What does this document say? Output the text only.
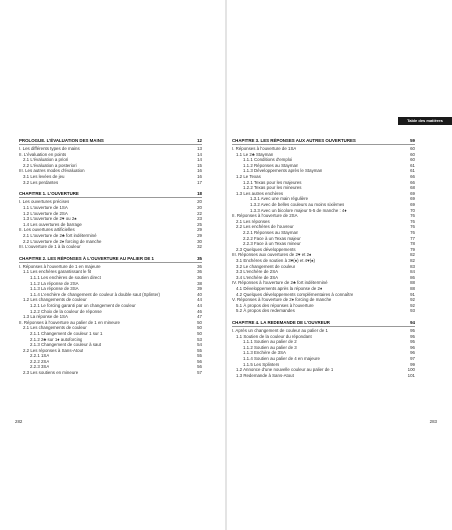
Table des matières
PROLOGUE. L'ÉVALUATION DES MAINS	12
I. Les différents types de mains	13
II. L'évaluation en points	14
2.1 L'évaluation a priori	14
2.2 L'évaluation a posteriori	15
III. Les autres modes d'évaluation	16
3.1 Les levées de jeu	16
3.2 Les perdantes	17
CHAPITRE 1. L'OUVERTURE	18
I. Les ouvertures précises	20
1.1 L'ouverture de 1SA	20
1.2 L'ouverture de 2SA	22
1.3 L'ouverture de 2♥ ou 2♠	23
1.4 Les ouvertures de barrage	25
II. Les ouvertures artificielles	29
2.1 L'ouverture de 2♣ fort indéterminé	29
2.2 L'ouverture de 2♦ forcing de manche	30
III. L'ouverture de 1 à la couleur	32
CHAPITRE 2. LES RÉPONSES À L'OUVERTURE AU PALIER DE 1	35
I. Réponses à l'ouverture de 1 en majeure	36
1.1 Les enchères garantissant le fit	36
1.1.1 Les enchères de soutien direct	36
1.1.2 La réponse de 2SA	38
1.1.3 La réponse de 3SA	39
1.1.4 L'enchère de changement de couleur à double saut (Splinter)	40
1.2 Les changements de couleur	44
1.2.1 Le forcing garanti par un changement de couleur	44
1.2.2 Choix de la couleur de réponse	46
1.3 La réponse de 1SA	47
II. Réponses à l'ouverture au palier de 1 en mineure	50
2.1 Les changements de couleur	50
2.1.1 Changement de couleur 1 sur 1	50
2.1.2 2♣ sur 1♦ autoforcing	53
2.1.3 Changement de couleur à saut	54
2.2 Les réponses à Sans-Atout	55
2.2.1 1SA	55
2.2.2 2SA	56
2.2.3 3SA	56
2.3 Les soutiens en mineure	57
CHAPITRE 3. LES RÉPONSES AUX AUTRES OUVERTURES	59
I. Réponses à l'ouverture de 1SA	60
1.1 Le 2♣ Stayman	60
1.1.1 Conditions d'emploi	60
1.1.2 Réponses au Stayman	61
1.1.3 Développements après le Stayman	61
1.2 Le Texas	66
1.2.1 Texas pour les majeures	66
1.2.2 Texas pour les mineures	68
1.3 Les autres enchères	69
1.3.1 Avec une main régulière	69
1.3.2 Avec de belles couleurs au moins sixièmes	69
1.3.3 Avec un bicolore majeur 5-5 de manche : 4♦	70
II. Réponses à l'ouverture de 2SA	76
2.1 Les réponses	76
2.2 Les enchères de l'ouvreur	76
2.2.1 Réponses au Stayman	76
2.2.2 Face à un Texas majeur	77
2.2.3 Face à un Texas mineur	78
2.3 Quelques développements	79
III. Réponses aux ouvertures de 2♥ et 2♠	82
3.1 Enchères de soutien à 3♥(♠) et 4♥(♠)	82
3.2 Le changement de couleur	83
3.3 L'enchère de 2SA	84
3.4 L'enchère de 3SA	86
IV. Réponses à l'ouverture de 2♣ fort indéterminé	88
4.1 Développements après la réponse de 2♦	88
4.2 Quelques développements complémentaires à connaître	91
V. Réponses à l'ouverture de 2♦ forcing de manche	92
5.1 À propos des réponses à l'ouverture	92
5.2 À propos des redemandes	93
CHAPITRE 4. LA REDEMANDE DE L'OUVREUR	94
I. Après un changement de couleur au palier de 1	95
1.1 Soutien de la couleur du répondant	95
1.1.1 Soutien au palier de 2	95
1.1.2 Soutien au palier de 3	96
1.1.3 Enchère de 3SA	96
1.1.4 Soutien au palier de 4 en majeure	97
1.1.5 Les Splinters	99
1.2 Annonce d'une nouvelle couleur au palier de 1	100
1.3 Redemande à Sans-Atout	101
282	283
